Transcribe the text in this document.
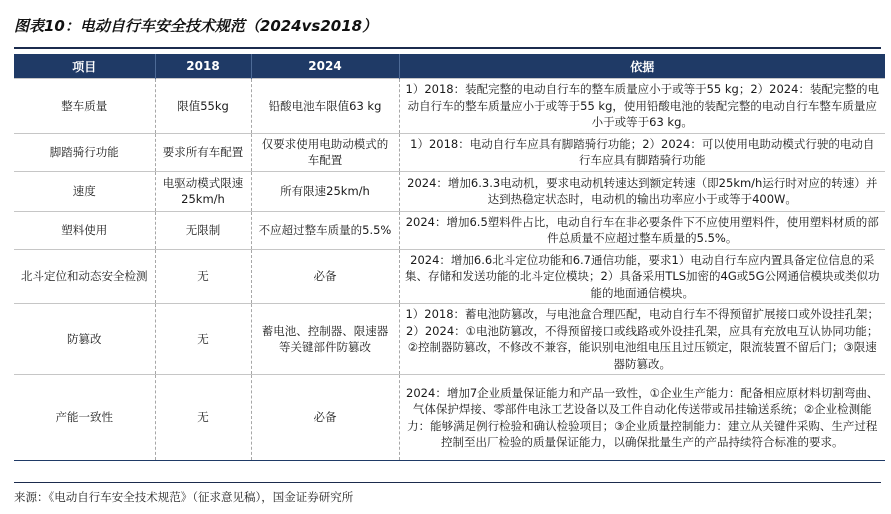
图表10：电动自行车安全技术规范（2024vs2018）
项目	2018	2024	依据
整车质量	限值55kg	铅酸电池车限值63 kg	1）2018：装配完整的电动自行车的整车质量应小于或等于55 kg；2）2024：装配完整的电动自行车的整车质量应小于或等于55 kg，使用铅酸电池的装配完整的电动自行车整车质量应小于或等于63 kg。
脚踏骑行功能	要求所有车配置	仅要求使用电助动模式的车配置	1）2018：电动自行车应具有脚踏骑行功能；2）2024：可以使用电助动模式行驶的电动自行车应具有脚踏骑行功能
速度	电驱动模式限速25km/h	所有限速25km/h	2024：增加6.3.3电动机，要求电动机转速达到额定转速（即25km/h运行时对应的转速）并达到热稳定状态时，电动机的输出功率应小于或等于400W。
塑料使用	无限制	不应超过整车质量的5.5%	2024：增加6.5塑料件占比，电动自行车在非必要条件下不应使用塑料件，使用塑料材质的部件总质量不应超过整车质量的5.5%。
北斗定位和动态安全检测	无	必备	2024：增加6.6北斗定位功能和6.7通信功能，要求1）电动自行车应内置具备定位信息的采集、存储和发送功能的北斗定位模块；2）具备采用TLS加密的4G或5G公网通信模块或类似功能的地面通信模块。
防篡改	无	蓄电池、控制器、限速器等关键部件防篡改	1）2018：蓄电池防篡改，与电池盒合理匹配，电动自行车不得预留扩展接口或外设挂孔架；2）2024：①电池防篡改，不得预留接口或线路或外设挂孔架，应具有充放电互认协同功能；②控制器防篡改，不修改不兼容，能识别电池组电压且过压锁定，限流装置不留后门；③限速器防篡改。
产能一致性	无	必备	2024：增加7企业质量保证能力和产品一致性，①企业生产能力：配备相应原材料切割弯曲、气体保护焊接、零部件电泳工艺设备以及工件自动化传送带或吊挂输送系统；②企业检测能力：能够满足例行检验和确认检验项目；③企业质量控制能力：建立从关键件采购、生产过程控制至出厂检验的质量保证能力，以确保批量生产的产品持续符合标准的要求。
来源：《电动自行车安全技术规范》（征求意见稿），国金证券研究所
